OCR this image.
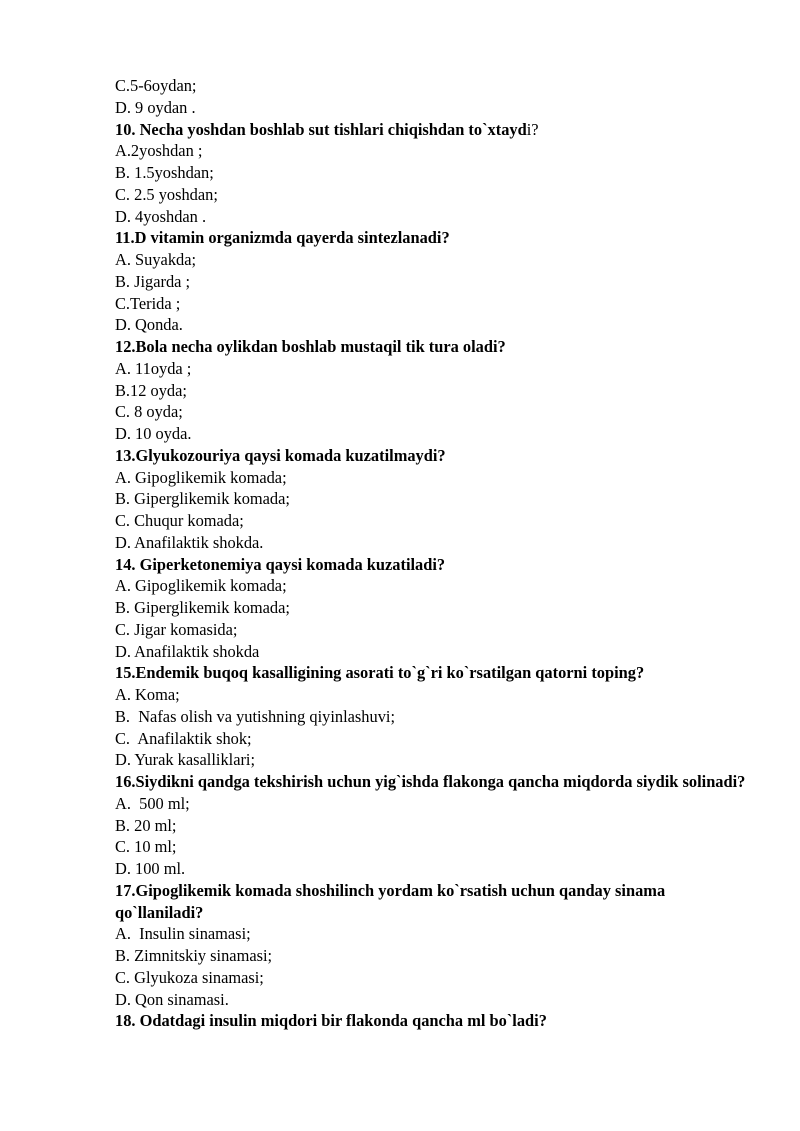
C.5-6oydan;
D. 9 oydan .
10. Necha yoshdan boshlab sut tishlari chiqishdan to`xtaydi?
A.2yoshdan ;
B. 1.5yoshdan;
C. 2.5 yoshdan;
D. 4yoshdan .
11.D vitamin organizmda qayerda sintezlanadi?
A. Suyakda;
B. Jigarda ;
C.Terida ;
D. Qonda.
12.Bola necha oylikdan boshlab mustaqil tik tura oladi?
A. 11oyda ;
B.12 oyda;
C. 8 oyda;
D. 10 oyda.
13.Glyukozouriya qaysi komada kuzatilmaydi?
A. Gipoglikemik komada;
B. Giperglikemik komada;
C. Chuqur komada;
D. Anafilaktik shokda.
14. Giperketonemiya qaysi komada kuzatiladi?
A. Gipoglikemik komada;
B. Giperglikemik komada;
C. Jigar komasida;
D. Anafilaktik shokda
15.Endemik buqoq kasalligining asorati to`g`ri ko`rsatilgan qatorni toping?
A. Koma;
B.  Nafas olish va yutishning qiyinlashuvi;
C.  Anafilaktik shok;
D. Yurak kasalliklari;
16.Siydikni qandga tekshirish uchun yig`ishda flakonga qancha miqdorda siydik solinadi?
A.  500 ml;
B. 20 ml;
C. 10 ml;
D. 100 ml.
17.Gipoglikemik komada shoshilinch yordam ko`rsatish uchun qanday sinama qo`llaniladi?
A.  Insulin sinamasi;
B. Zimnitskiy sinamasi;
C. Glyukoza sinamasi;
D. Qon sinamasi.
18. Odatdagi insulin miqdori bir flakonda qancha ml bo`ladi?
